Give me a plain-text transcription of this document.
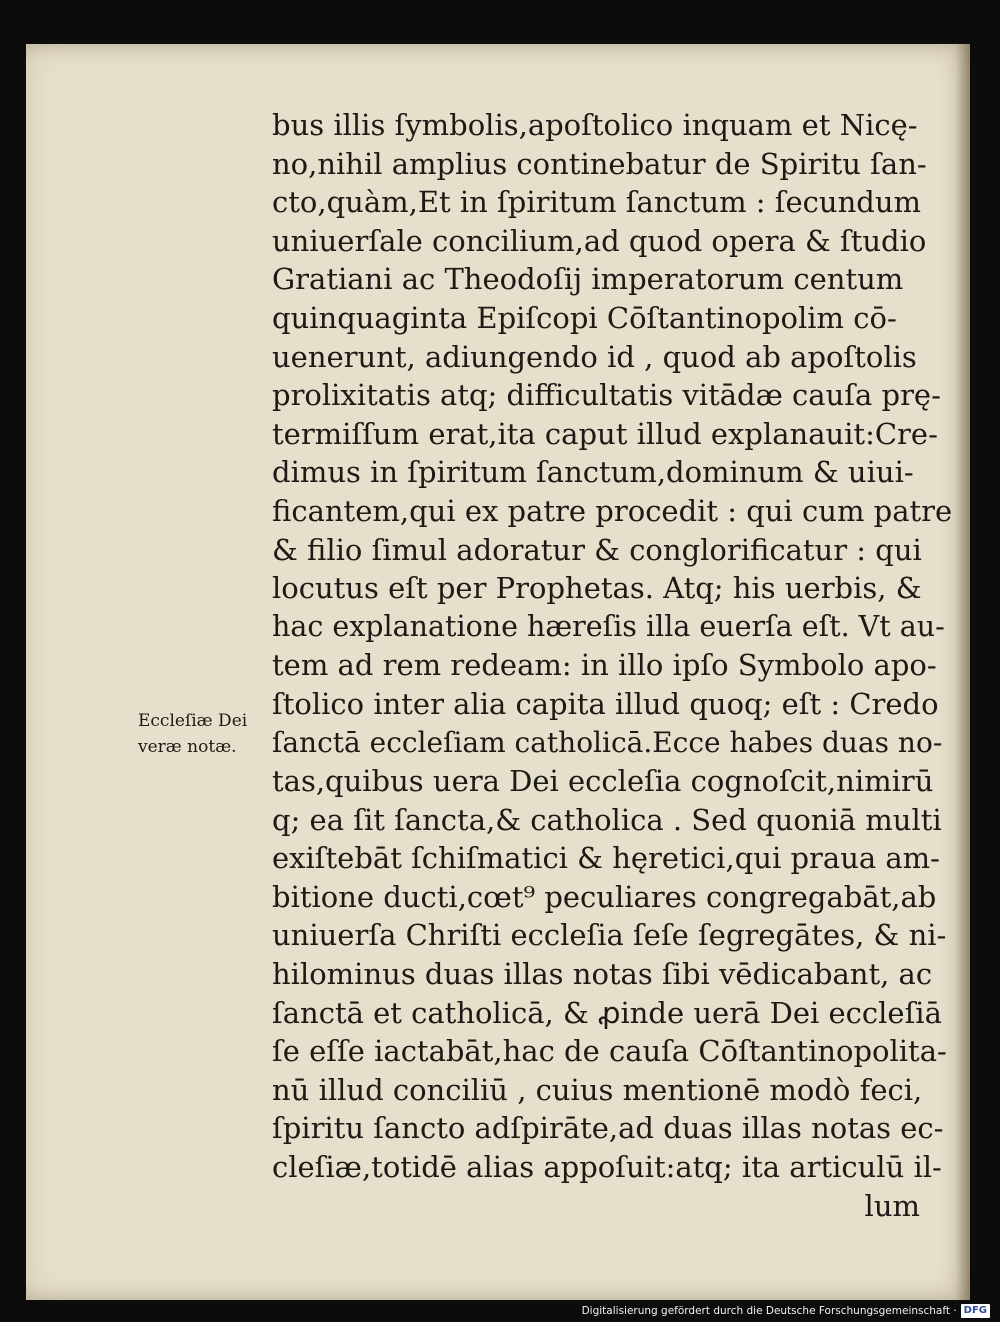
bus illis ſymbolis,apoſtolico inquam et Nicę-
no,nihil amplius continebatur de Spiritu ſan-
cto,quàm,Et in ſpiritum ſanctum : ſecundum
uniuerſale concilium,ad quod opera & ſtudio
Gratiani ac Theodoſij imperatorum centum
quinquaginta Epiſcopi Cōſtantinopolim cō-
uenerunt, adiungendo id , quod ab apoſtolis
prolixitatis atq; difficultatis vitādæ cauſa prę-
termiſſum erat,ita caput illud explanauit:Cre-
dimus in ſpiritum ſanctum,dominum & uiui-
ficantem,qui ex patre procedit : qui cum patre
& filio ſimul adoratur & conglorificatur : qui
locutus eſt per Prophetas. Atq; his uerbis, &
hac explanatione hæreſis illa euerſa eſt. Vt au-
tem ad rem redeam: in illo ipſo Symbolo apo-
ſtolico inter alia capita illud quoq; eſt : Credo
ſanctā eccleſiam catholicā.Ecce habes duas no-
tas,quibus uera Dei eccleſia cognoſcit,nimirū
q; ea ſit ſancta,& catholica . Sed quoniā multi
exiſtebāt ſchiſmatici & hęretici,qui praua am-
bitione ducti,cœt⁹ peculiares congregabāt,ab
uniuerſa Chriſti eccleſia ſeſe ſegregātes, & ni-
hilominus duas illas notas ſibi vēdicabant, ac
ſanctā et catholicā, & ꝓinde uerā Dei eccleſiā
ſe eſſe iactabāt,hac de cauſa Cōſtantinopolita-
nū illud conciliū , cuius mentionē modò feci,
ſpiritu ſancto adſpirāte,ad duas illas notas ec-
cleſiæ,totidē alias appoſuit:atq; ita articulū il-
lum
Eccleſiæ Dei
veræ notæ.
Digitalisierung gefördert durch die Deutsche Forschungsgemeinschaft · DFG
